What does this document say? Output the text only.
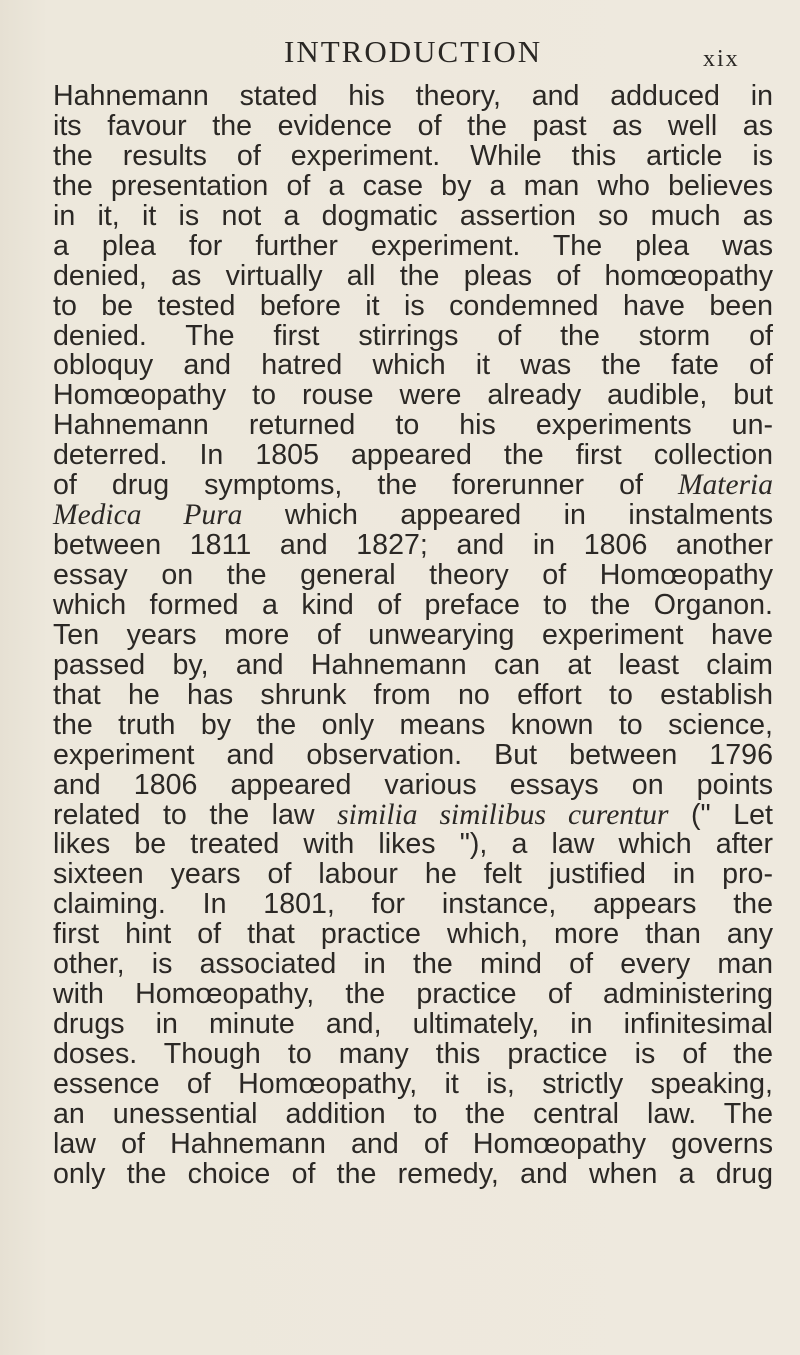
INTRODUCTION	xix
Hahnemann stated his theory, and adduced in
its favour the evidence of the past as well as
the results of experiment. While this article is
the presentation of a case by a man who believes
in it, it is not a dogmatic assertion so much as
a plea for further experiment. The plea was
denied, as virtually all the pleas of homœopathy
to be tested before it is condemned have been
denied. The first stirrings of the storm of
obloquy and hatred which it was the fate of
Homœopathy to rouse were already audible, but
Hahnemann returned to his experiments un-
deterred. In 1805 appeared the first collection
of drug symptoms, the forerunner of Materia
Medica Pura which appeared in instalments
between 1811 and 1827; and in 1806 another
essay on the general theory of Homœopathy
which formed a kind of preface to the Organon.
Ten years more of unwearying experiment have
passed by, and Hahnemann can at least claim
that he has shrunk from no effort to establish
the truth by the only means known to science,
experiment and observation. But between 1796
and 1806 appeared various essays on points
related to the law similia similibus curentur (" Let
likes be treated with likes "), a law which after
sixteen years of labour he felt justified in pro-
claiming. In 1801, for instance, appears the
first hint of that practice which, more than any
other, is associated in the mind of every man
with Homœopathy, the practice of administering
drugs in minute and, ultimately, in infinitesimal
doses. Though to many this practice is of the
essence of Homœopathy, it is, strictly speaking,
an unessential addition to the central law. The
law of Hahnemann and of Homœopathy governs
only the choice of the remedy, and when a drug
